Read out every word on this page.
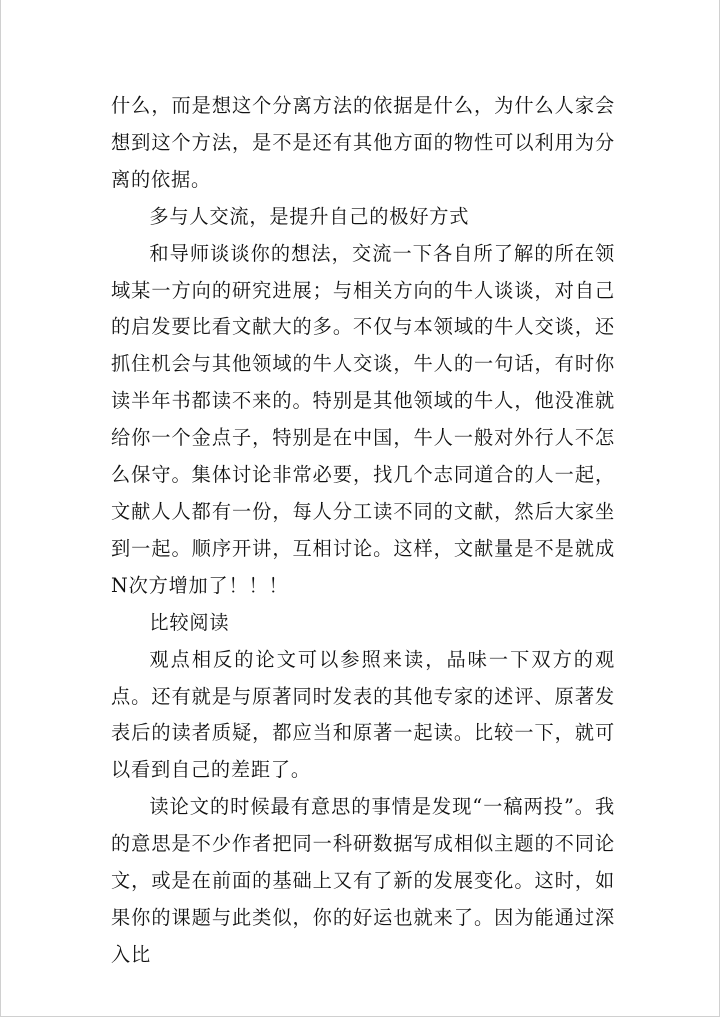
什么，而是想这个分离方法的依据是什么，为什么人家会想到这个方法，是不是还有其他方面的物性可以利用为分离的依据。

多与人交流，是提升自己的极好方式

和导师谈谈你的想法，交流一下各自所了解的所在领域某一方向的研究进展；与相关方向的牛人谈谈，对自己的启发要比看文献大的多。不仅与本领域的牛人交谈，还抓住机会与其他领域的牛人交谈，牛人的一句话，有时你读半年书都读不来的。特别是其他领域的牛人，他没准就给你一个金点子，特别是在中国，牛人一般对外行人不怎么保守。集体讨论非常必要，找几个志同道合的人一起，文献人人都有一份，每人分工读不同的文献，然后大家坐到一起。顺序开讲，互相讨论。这样，文献量是不是就成N次方增加了！！！

比较阅读

观点相反的论文可以参照来读，品味一下双方的观点。还有就是与原著同时发表的其他专家的述评、原著发表后的读者质疑，都应当和原著一起读。比较一下，就可以看到自己的差距了。

读论文的时候最有意思的事情是发现“一稿两投”。我的意思是不少作者把同一科研数据写成相似主题的不同论文，或是在前面的基础上又有了新的发展变化。这时，如果你的课题与此类似，你的好运也就来了。因为能通过深入比
